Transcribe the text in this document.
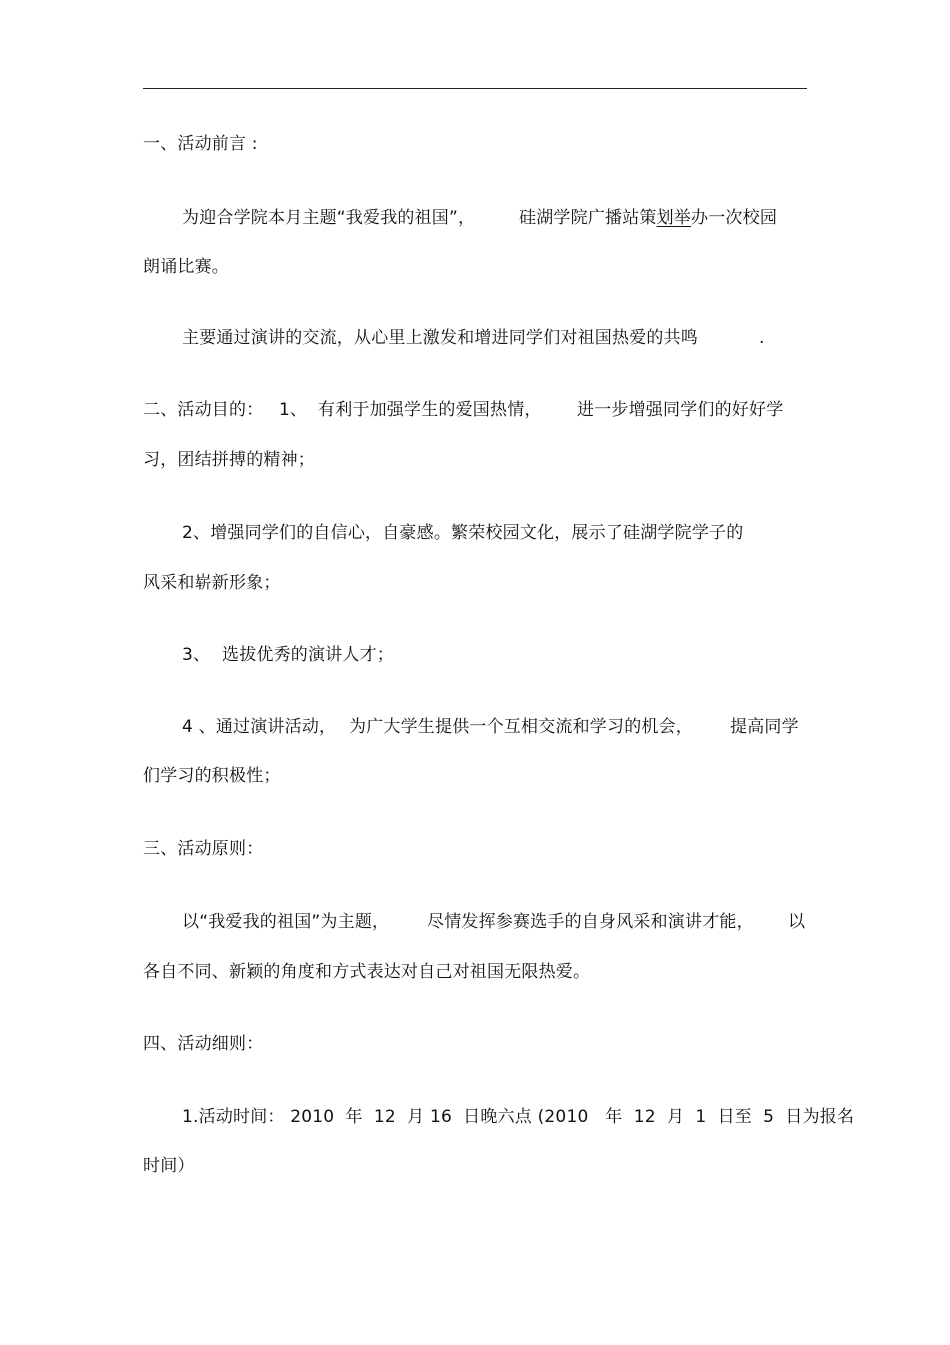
一、活动前言 :
为迎合学院本月主题“我爱我的祖国”，	硅湖学院广播站策划举办一次校园
朗诵比赛。
主要通过演讲的交流，从心里上激发和增进同学们对祖国热爱的共鸣	.
二、活动目的： 1、 有利于加强学生的爱国热情， 进一步增强同学们的好好学
习，团结拼搏的精神；
2、增强同学们的自信心，自豪感。繁荣校园文化，展示了硅湖学院学子的
风采和崭新形象；
3、 选拔优秀的演讲人才；
4 、通过演讲活动， 为广大学生提供一个互相交流和学习的机会， 提高同学
们学习的积极性；
三、活动原则：
以“我爱我的祖国”为主题， 尽情发挥参赛选手的自身风采和演讲才能， 以
各自不同、新颖的角度和方式表达对自己对祖国无限热爱。
四、活动细则：
1.活动时间： 2010  年  12  月 16  日晚六点 (2010   年  12  月  1  日至  5  日为报名
时间）
